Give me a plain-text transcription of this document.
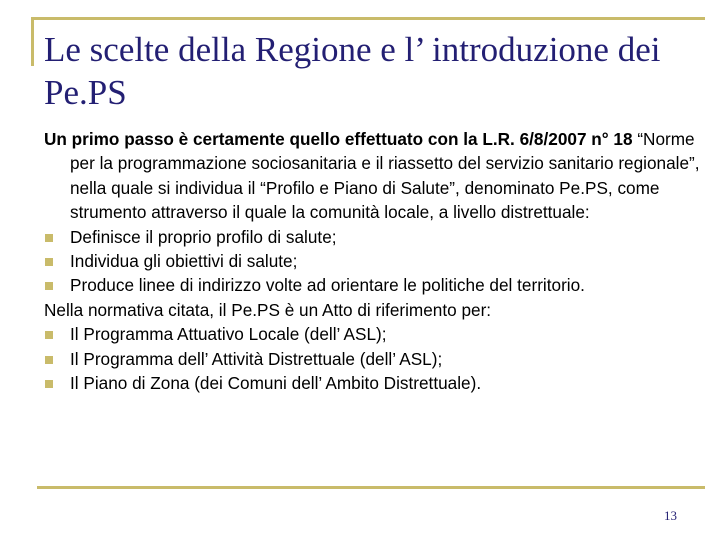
Le scelte della Regione e l’ introduzione dei Pe.PS

Un primo passo è certamente quello effettuato con la L.R. 6/8/2007 n° 18 “Norme per la programmazione sociosanitaria e il riassetto del servizio sanitario regionale”, nella quale si individua il “Profilo e Piano di Salute”, denominato Pe.PS, come strumento attraverso il quale la comunità locale, a livello distrettuale:

Definisce il proprio profilo di salute;

Individua gli obiettivi di salute;

Produce linee di indirizzo volte ad orientare le politiche del territorio.

Nella normativa citata, il Pe.PS è un Atto di riferimento per:

Il Programma Attuativo Locale (dell’ ASL);

Il Programma dell’ Attività Distrettuale (dell’ ASL);

Il Piano di Zona (dei Comuni dell’ Ambito Distrettuale).

13
